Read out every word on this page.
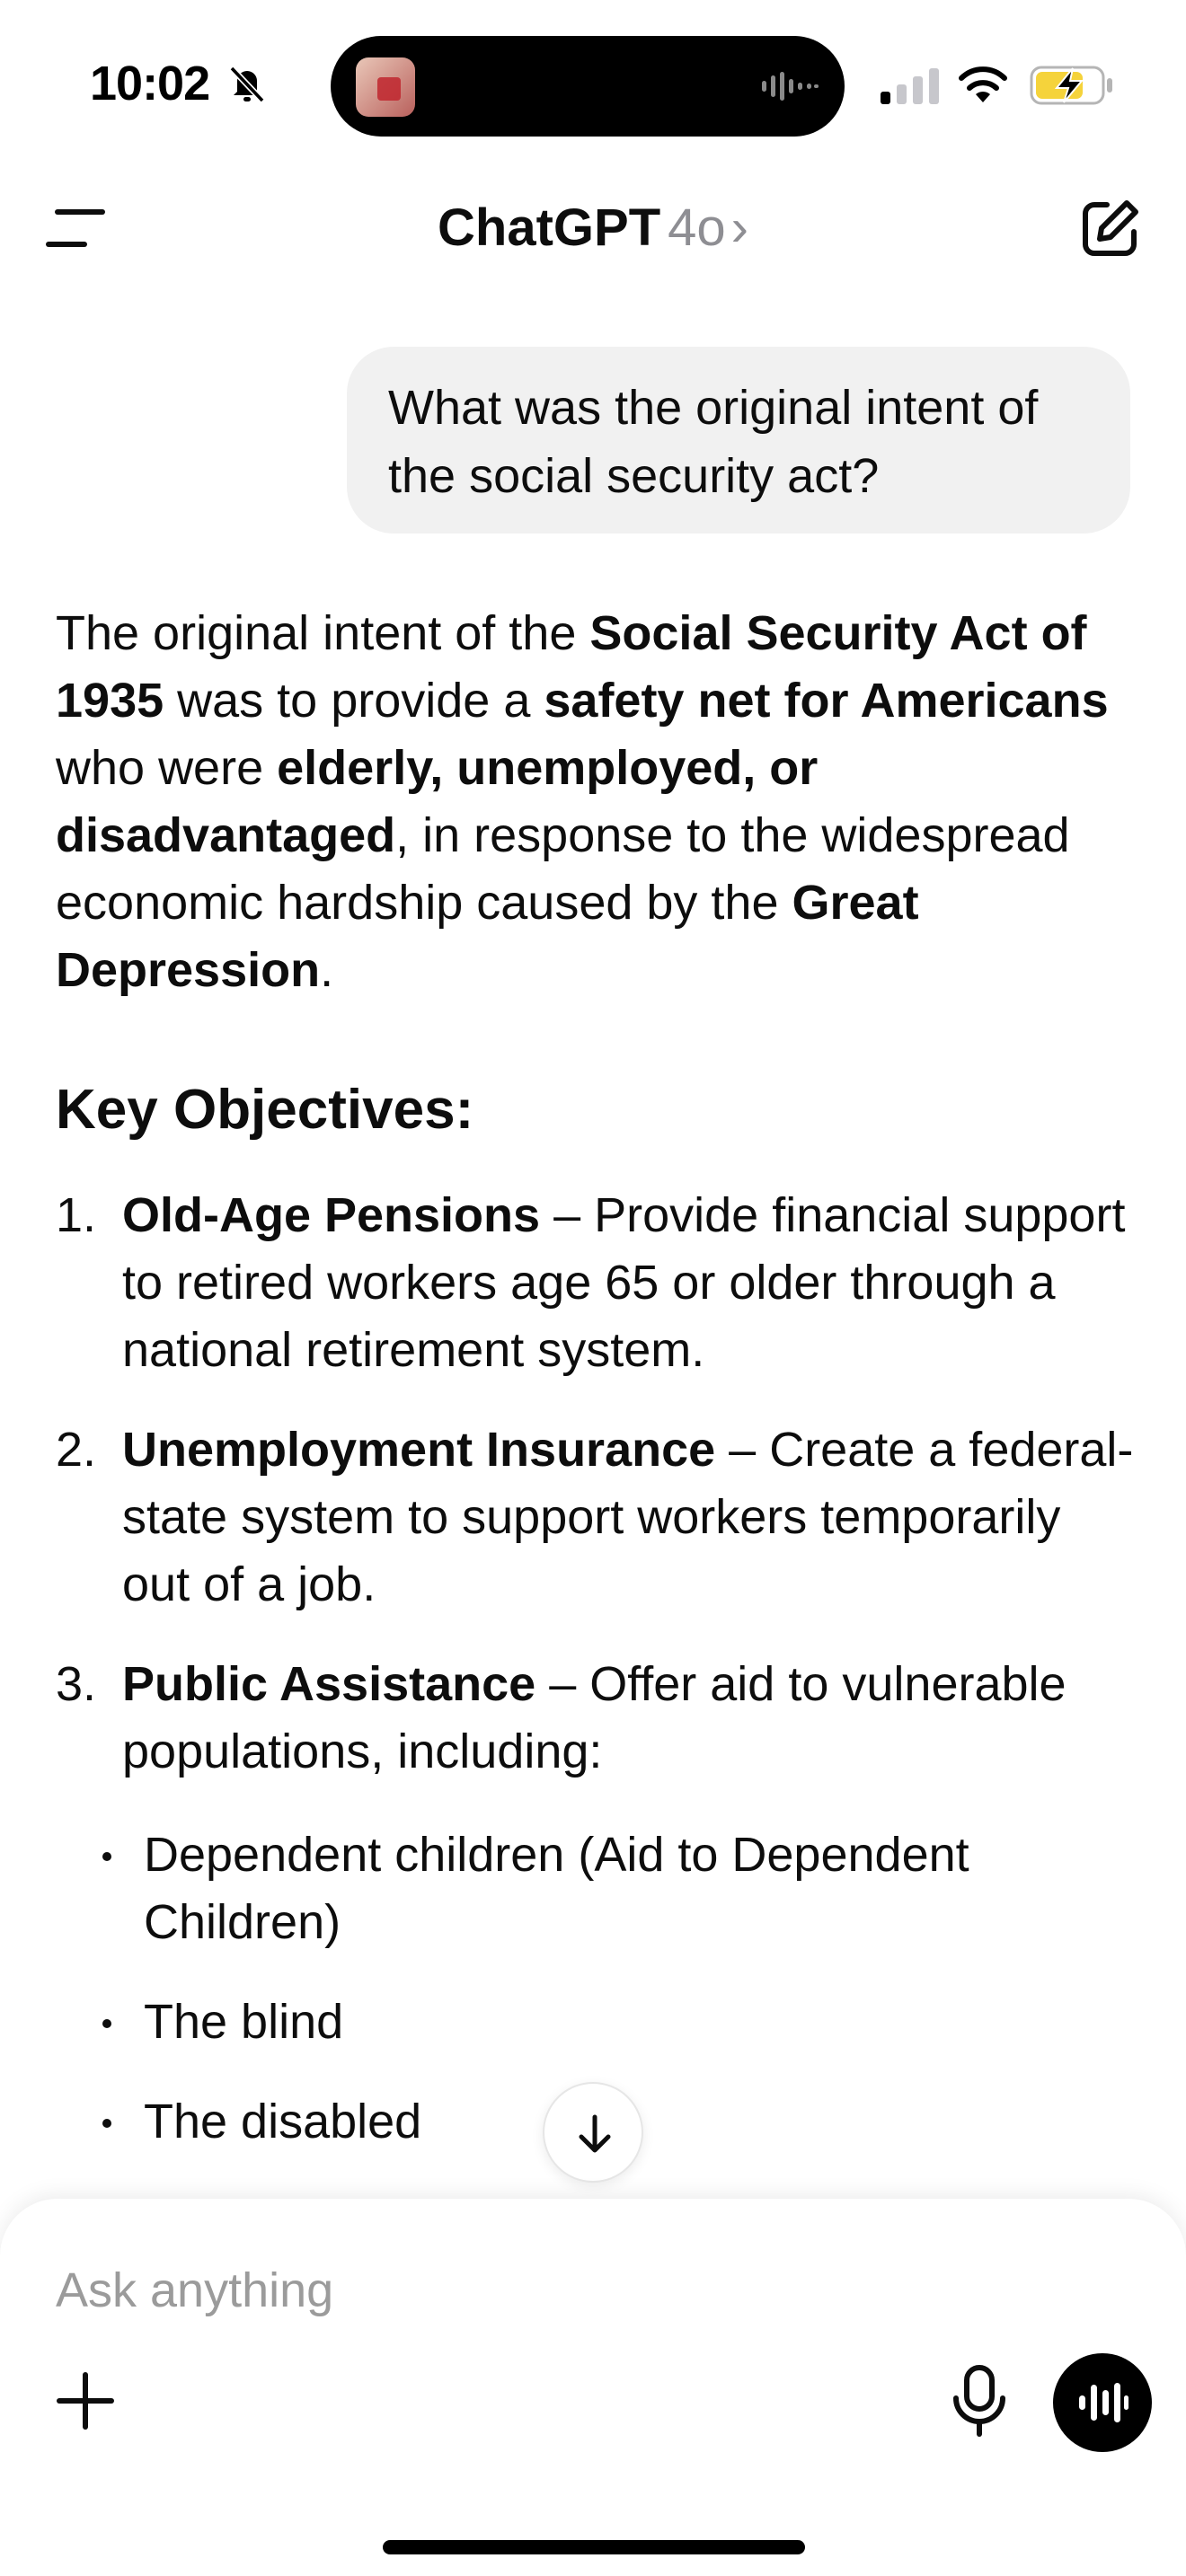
10:02
ChatGPT 4o ›
What was the original intent of the social security act?

The original intent of the Social Security Act of 1935 was to provide a safety net for Americans who were elderly, unemployed, or disadvantaged, in response to the widespread economic hardship caused by the Great Depression.

Key Objectives:
1. Old-Age Pensions – Provide financial support to retired workers age 65 or older through a national retirement system.
2. Unemployment Insurance – Create a federal-state system to support workers temporarily out of a job.
3. Public Assistance – Offer aid to vulnerable populations, including:
Dependent children (Aid to Dependent Children)
The blind
The disabled
Ask anything
